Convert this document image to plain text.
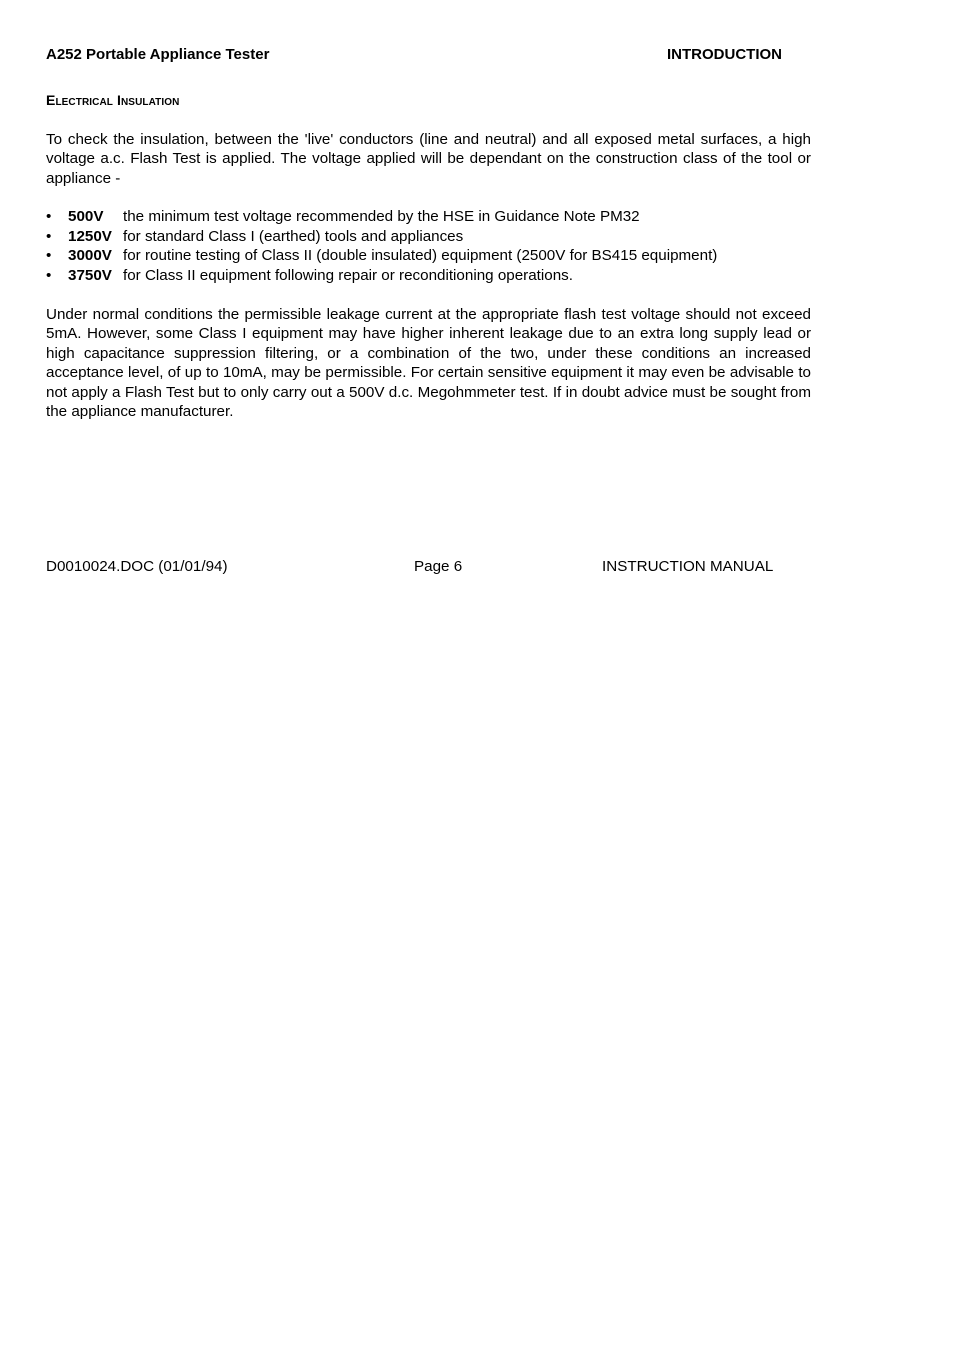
A252 Portable Appliance Tester	INTRODUCTION
Electrical Insulation
To check the insulation, between the 'live' conductors (line and neutral) and all exposed metal surfaces, a high voltage a.c. Flash Test is applied. The voltage applied will be dependant on the construction class of the tool or appliance -
• 500V the minimum test voltage recommended by the HSE in Guidance Note PM32
• 1250V for standard Class I (earthed) tools and appliances
• 3000V for routine testing of Class II (double insulated) equipment (2500V for BS415 equipment)
• 3750V for Class II equipment following repair or reconditioning operations.
Under normal conditions the permissible leakage current at the appropriate flash test voltage should not exceed 5mA. However, some Class I equipment may have higher inherent leakage due to an extra long supply lead or high capacitance suppression filtering, or a combination of the two, under these conditions an increased acceptance level, of up to 10mA, may be permissible. For certain sensitive equipment it may even be advisable to not apply a Flash Test but to only carry out a 500V d.c. Megohmmeter test. If in doubt advice must be sought from the appliance manufacturer.
D0010024.DOC (01/01/94)	Page 6	INSTRUCTION MANUAL
